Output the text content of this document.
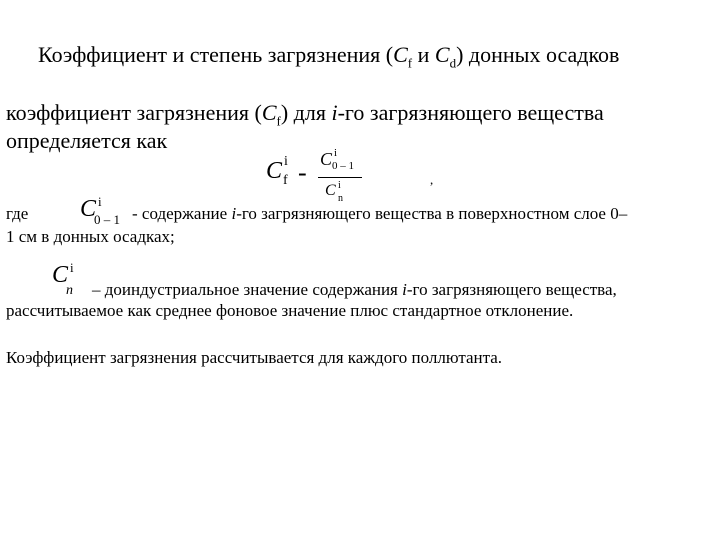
Коэффициент и степень загрязнения ($C_f$ и $C_d$) донных осадков
коэффициент загрязнения $(C_f)$ для i-го загрязняющего вещества
определяется как
C i
f - C i
0 – 1
C i
n
,
где C i
0 – 1 - содержание i-го загрязняющего вещества в поверхностном слое 0–
1 см в донных осадках;
C i
n – доиндустриальное значение содержания i-го загрязняющего вещества,
рассчитываемое как среднее фоновое значение плюс стандартное отклонение.
Коэффициент загрязнения рассчитывается для каждого поллютанта.
